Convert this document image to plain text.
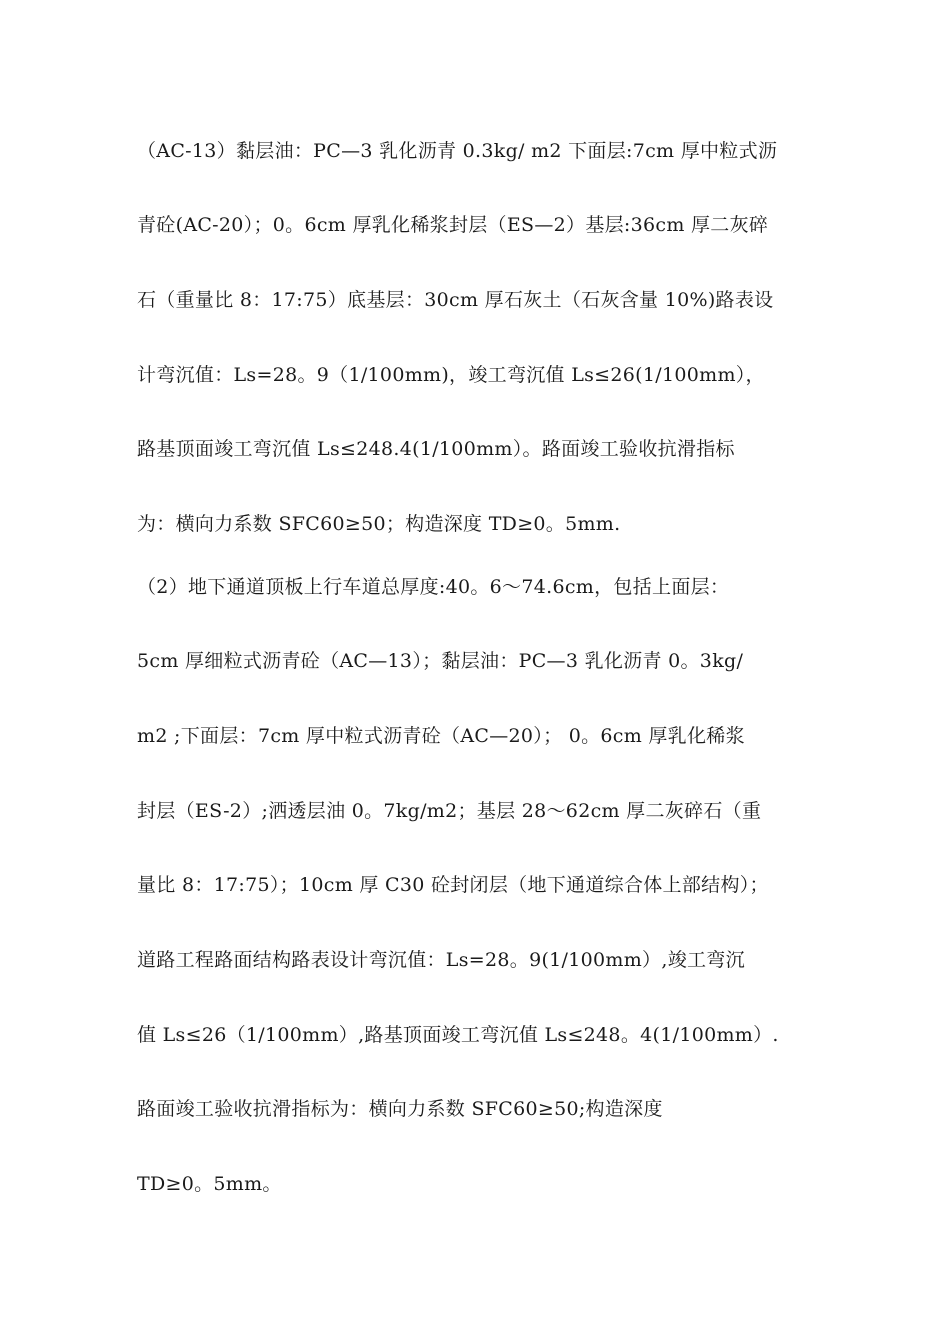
（AC-13）黏层油：PC—3 乳化沥青 0.3kg/ m2 下面层:7cm 厚中粒式沥
青砼(AC-20）；0。6cm 厚乳化稀浆封层（ES—2）基层:36cm 厚二灰碎
石（重量比 8：17:75）底基层：30cm 厚石灰土（石灰含量 10%)路表设
计弯沉值：Ls=28。9（1/100mm)，竣工弯沉值 Ls≤26(1/100mm），
路基顶面竣工弯沉值 Ls≤248.4(1/100mm）。路面竣工验收抗滑指标
为：横向力系数 SFC60≥50；构造深度 TD≥0。5mm.
（2）地下通道顶板上行车道总厚度:40。6～74.6cm，包括上面层：
5cm 厚细粒式沥青砼（AC—13）；黏层油：PC—3 乳化沥青 0。3kg/
m2 ;下面层：7cm 厚中粒式沥青砼（AC—20）； 0。6cm 厚乳化稀浆
封层（ES-2）;洒透层油 0。7kg/m2；基层 28～62cm 厚二灰碎石（重
量比 8：17:75）；10cm 厚 C30 砼封闭层（地下通道综合体上部结构）；
道路工程路面结构路表设计弯沉值：Ls=28。9(1/100mm）,竣工弯沉
值 Ls≤26（1/100mm）,路基顶面竣工弯沉值 Ls≤248。4(1/100mm）.
路面竣工验收抗滑指标为：横向力系数 SFC60≥50;构造深度
TD≥0。5mm。
